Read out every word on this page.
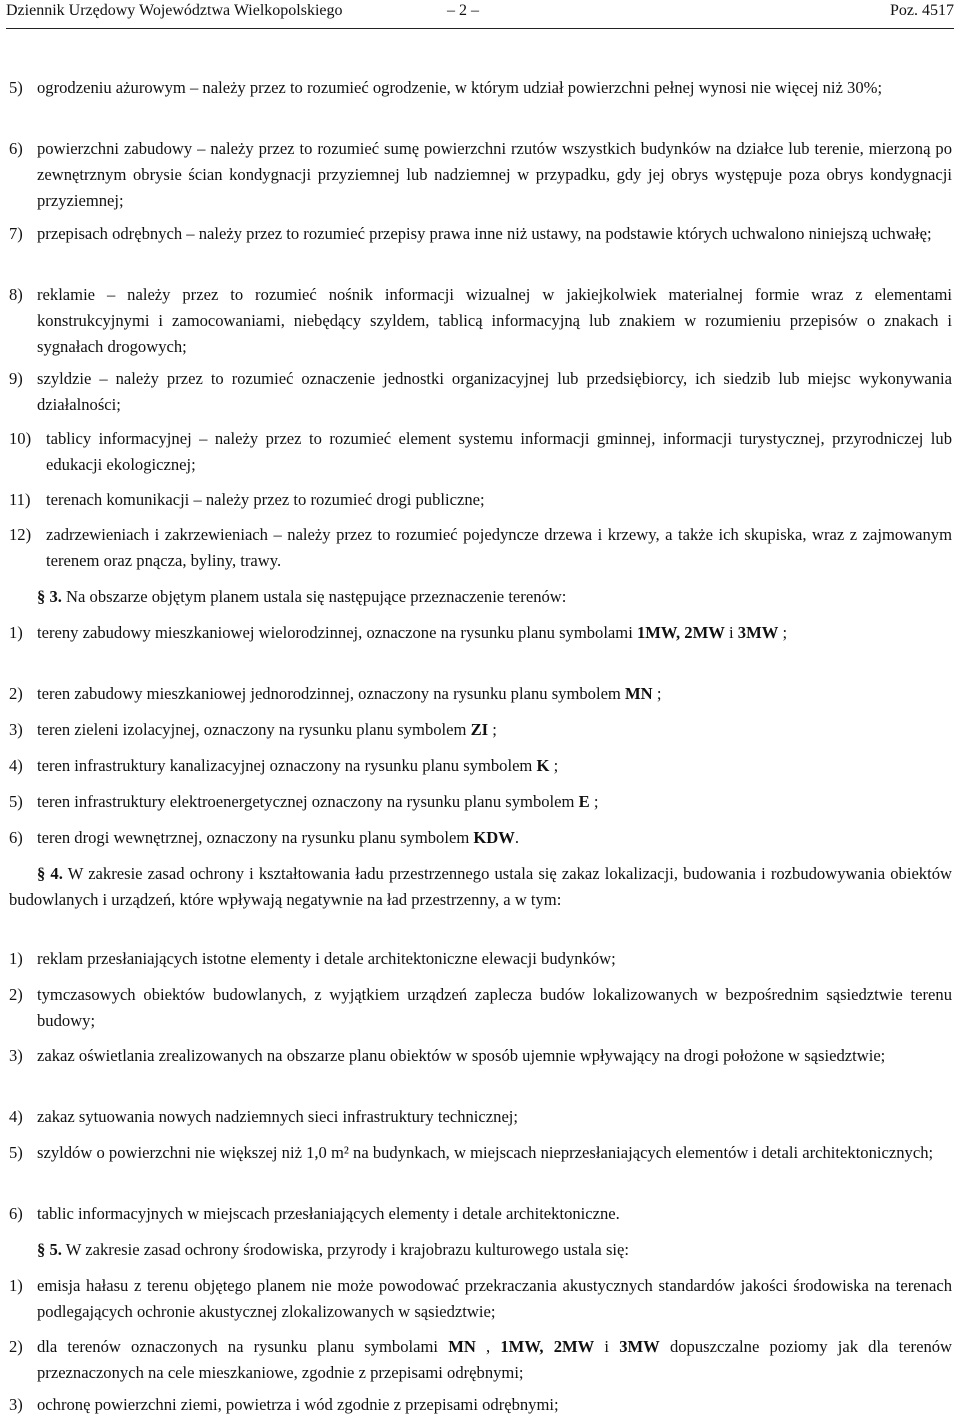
Dziennik Urzędowy Województwa Wielkopolskiego	– 2 –	Poz. 4517
5) ogrodzeniu ażurowym – należy przez to rozumieć ogrodzenie, w którym udział powierzchni pełnej wynosi nie więcej niż 30%;
6) powierzchni zabudowy – należy przez to rozumieć sumę powierzchni rzutów wszystkich budynków na działce lub terenie, mierzoną po zewnętrznym obrysie ścian kondygnacji przyziemnej lub nadziemnej w przypadku, gdy jej obrys występuje poza obrys kondygnacji przyziemnej;
7) przepisach odrębnych – należy przez to rozumieć przepisy prawa inne niż ustawy, na podstawie których uchwalono niniejszą uchwałę;
8) reklamie – należy przez to rozumieć nośnik informacji wizualnej w jakiejkolwiek materialnej formie wraz z elementami konstrukcyjnymi i zamocowaniami, niebędący szyldem, tablicą informacyjną lub znakiem w rozumieniu przepisów o znakach i sygnałach drogowych;
9) szyldzie – należy przez to rozumieć oznaczenie jednostki organizacyjnej lub przedsiębiorcy, ich siedzib lub miejsc wykonywania działalności;
10) tablicy informacyjnej – należy przez to rozumieć element systemu informacji gminnej, informacji turystycznej, przyrodniczej lub edukacji ekologicznej;
11) terenach komunikacji – należy przez to rozumieć drogi publiczne;
12) zadrzewieniach i zakrzewieniach – należy przez to rozumieć pojedyncze drzewa i krzewy, a także ich skupiska, wraz z zajmowanym terenem oraz pnącza, byliny, trawy.
§ 3. Na obszarze objętym planem ustala się następujące przeznaczenie terenów:
1) tereny zabudowy mieszkaniowej wielorodzinnej, oznaczone na rysunku planu symbolami 1MW, 2MW i 3MW ;
2) teren zabudowy mieszkaniowej jednorodzinnej, oznaczony na rysunku planu symbolem MN ;
3) teren zieleni izolacyjnej, oznaczony na rysunku planu symbolem ZI ;
4) teren infrastruktury kanalizacyjnej oznaczony na rysunku planu symbolem K ;
5) teren infrastruktury elektroenergetycznej oznaczony na rysunku planu symbolem E ;
6) teren drogi wewnętrznej, oznaczony na rysunku planu symbolem KDW.
§ 4. W zakresie zasad ochrony i kształtowania ładu przestrzennego ustala się zakaz lokalizacji, budowania i rozbudowywania obiektów budowlanych i urządzeń, które wpływają negatywnie na ład przestrzenny, a w tym:
1) reklam przesłaniających istotne elementy i detale architektoniczne elewacji budynków;
2) tymczasowych obiektów budowlanych, z wyjątkiem urządzeń zaplecza budów lokalizowanych w bezpośrednim sąsiedztwie terenu budowy;
3) zakaz oświetlania zrealizowanych na obszarze planu obiektów w sposób ujemnie wpływający na drogi położone w sąsiedztwie;
4) zakaz sytuowania nowych nadziemnych sieci infrastruktury technicznej;
5) szyldów o powierzchni nie większej niż 1,0 m² na budynkach, w miejscach nieprzesłaniających elementów i detali architektonicznych;
6) tablic informacyjnych w miejscach przesłaniających elementy i detale architektoniczne.
§ 5. W zakresie zasad ochrony środowiska, przyrody i krajobrazu kulturowego ustala się:
1) emisja hałasu z terenu objętego planem nie może powodować przekraczania akustycznych standardów jakości środowiska na terenach podlegających ochronie akustycznej zlokalizowanych w sąsiedztwie;
2) dla terenów oznaczonych na rysunku planu symbolami MN , 1MW, 2MW i 3MW dopuszczalne poziomy jak dla terenów przeznaczonych na cele mieszkaniowe, zgodnie z przepisami odrębnymi;
3) ochronę powierzchni ziemi, powietrza i wód zgodnie z przepisami odrębnymi;
